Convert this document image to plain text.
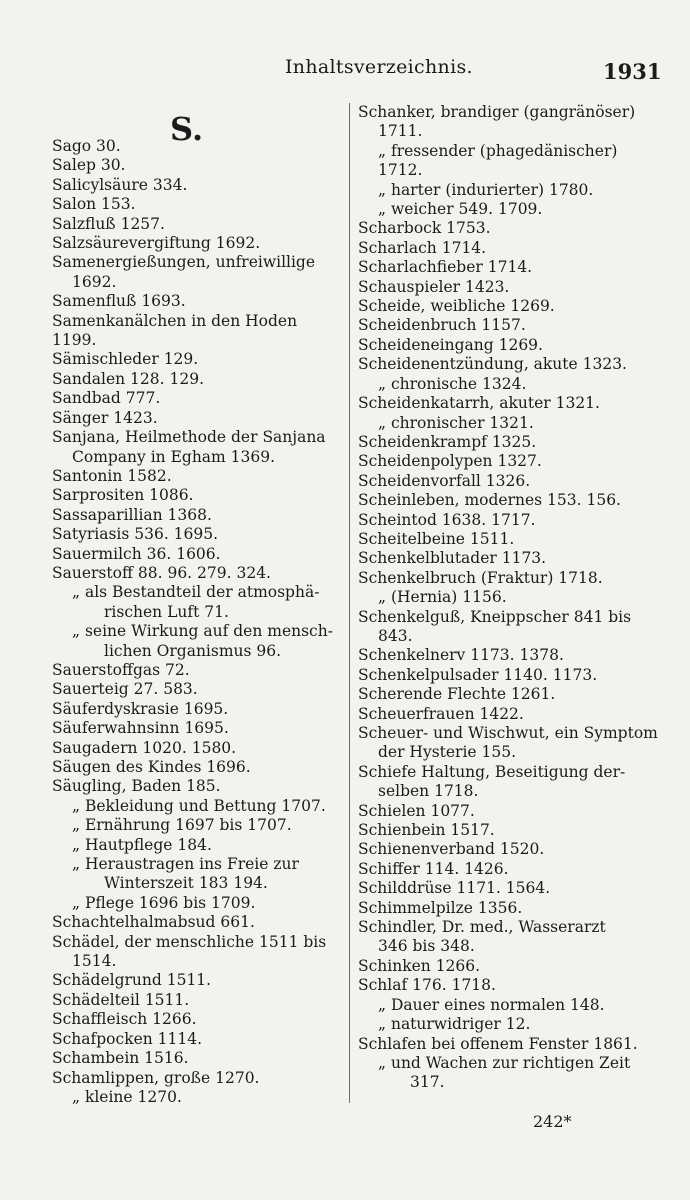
Inhaltsverzeichnis.	1931
S.
Sago 30.
Salep 30.
Salicylsäure 334.
Salon 153.
Salzfluß 1257.
Salzsäurevergiftung 1692.
Samenergießungen, unfreiwillige
1692.
Samenfluß 1693.
Samenkanälchen in den Hoden 1199.
Sämischleder 129.
Sandalen 128. 129.
Sandbad 777.
Sänger 1423.
Sanjana, Heilmethode der Sanjana
Company in Egham 1369.
Santonin 1582.
Sarprositen 1086.
Sassaparillian 1368.
Satyriasis 536. 1695.
Sauermilch 36. 1606.
Sauerstoff 88. 96. 279. 324.
„ als Bestandteil der atmosphä-
rischen Luft 71.
„ seine Wirkung auf den mensch-
lichen Organismus 96.
Sauerstoffgas 72.
Sauerteig 27. 583.
Säuferdyskrasie 1695.
Säuferwahnsinn 1695.
Saugadern 1020. 1580.
Säugen des Kindes 1696.
Säugling, Baden 185.
„ Bekleidung und Bettung 1707.
„ Ernährung 1697 bis 1707.
„ Hautpflege 184.
„ Heraustragen ins Freie zur
Winterszeit 183 194.
„ Pflege 1696 bis 1709.
Schachtelhalmabsud 661.
Schädel, der menschliche 1511 bis
1514.
Schädelgrund 1511.
Schädelteil 1511.
Schaffleisch 1266.
Schafpocken 1114.
Schambein 1516.
Schamlippen, große 1270.
„ kleine 1270.
Schanker, brandiger (gangränöser)
1711.
„ fressender (phagedänischer)
1712.
„ harter (indurierter) 1780.
„ weicher 549. 1709.
Scharbock 1753.
Scharlach 1714.
Scharlachfieber 1714.
Schauspieler 1423.
Scheide, weibliche 1269.
Scheidenbruch 1157.
Scheideneingang 1269.
Scheidenentzündung, akute 1323.
„ chronische 1324.
Scheidenkatarrh, akuter 1321.
„ chronischer 1321.
Scheidenkrampf 1325.
Scheidenpolypen 1327.
Scheidenvorfall 1326.
Scheinleben, modernes 153. 156.
Scheintod 1638. 1717.
Scheitelbeine 1511.
Schenkelblutader 1173.
Schenkelbruch (Fraktur) 1718.
„ (Hernia) 1156.
Schenkelguß, Kneippscher 841 bis
843.
Schenkelnerv 1173. 1378.
Schenkelpulsader 1140. 1173.
Scherende Flechte 1261.
Scheuerfrauen 1422.
Scheuer- und Wischwut, ein Symptom
der Hysterie 155.
Schiefe Haltung, Beseitigung der-
selben 1718.
Schielen 1077.
Schienbein 1517.
Schienenverband 1520.
Schiffer 114. 1426.
Schilddrüse 1171. 1564.
Schimmelpilze 1356.
Schindler, Dr. med., Wasserarzt
346 bis 348.
Schinken 1266.
Schlaf 176. 1718.
„ Dauer eines normalen 148.
„ naturwidriger 12.
Schlafen bei offenem Fenster 1861.
„ und Wachen zur richtigen Zeit
317.
242*
